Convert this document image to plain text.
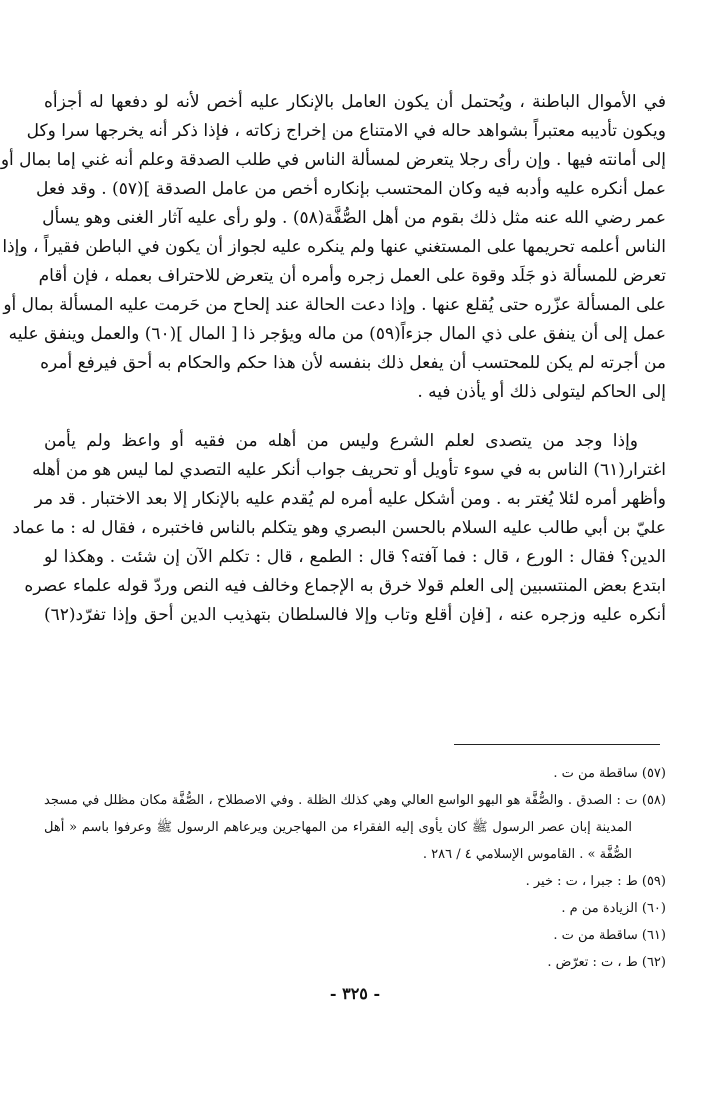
في الأموال الباطنة ، ويُحتمل أن يكون العامل بالإنكار عليه أخص لأنه لو دفعها له أجزأه
ويكون تأديبه معتبراً بشواهد حاله في الامتناع من إخراج زكاته ، فإذا ذكر أنه يخرجها سرا وكل
إلى أمانته فيها . وإن رأى رجلا يتعرض لمسألة الناس في طلب الصدقة وعلم أنه غني إما بمال أو
عمل أنكره عليه وأدبه فيه وكان المحتسب بإنكاره أخص من عامل الصدقة ](٥٧) . وقد فعل
عمر رضي الله عنه مثل ذلك بقوم من أهل الصُّفَّة(٥٨) . ولو رأى عليه آثار الغنى وهو يسأل
الناس أعلمه تحريمها على المستغني عنها ولم ينكره عليه لجواز أن يكون في الباطن فقيراً ، وإذا
تعرض للمسألة ذو جَلَد وقوة على العمل زجره وأمره أن يتعرض للاحتراف بعمله ، فإن أقام
على المسألة عزّره حتى يُقلع عنها . وإذا دعت الحالة عند إلحاح من حَرمت عليه المسألة بمال أو
عمل إلى أن ينفق على ذي المال جزءاً(٥٩) من ماله ويؤجر ذا [ المال ](٦٠) والعمل وينفق عليه
من أجرته لم يكن للمحتسب أن يفعل ذلك بنفسه لأن هذا حكم والحكام به أحق فيرفع أمره
إلى الحاكم ليتولى ذلك أو يأذن فيه .
وإذا وجد من يتصدى لعلم الشرع وليس من أهله من فقيه أو واعظ ولم يأمن
اغترار(٦١) الناس به في سوء تأويل أو تحريف جواب أنكر عليه التصدي لما ليس هو من أهله
وأظهر أمره لئلا يُغتر به . ومن أشكل عليه أمره لم يُقدم عليه بالإنكار إلا بعد الاختبار . قد مر
عليّ بن أبي طالب عليه السلام بالحسن البصري وهو يتكلم بالناس فاختبره ، فقال له : ما عماد
الدين؟ فقال : الورع ، قال : فما آفته؟ قال : الطمع ، قال : تكلم الآن إن شئت . وهكذا لو
ابتدع بعض المنتسبين إلى العلم قولا خرق به الإجماع وخالف فيه النص وردّ قوله علماء عصره
أنكره عليه وزجره عنه ، [فإن أقلع وتاب وإلا فالسلطان بتهذيب الدين أحق وإذا تفرّد(٦٢)
(٥٧) ساقطة من ت .
(٥٨) ت : الصدق . والصُّفَّة هو البهو الواسع العالي وهي كذلك الظلة . وفي الاصطلاح ، الصُّفَّة مكان مظلل في مسجد
المدينة إبان عصر الرسول ﷺ كان يأوى إليه الفقراء من المهاجرين ويرعاهم الرسول ﷺ وعرفوا باسم « أهل
الصُّفَّة » . القاموس الإسلامي ٤ / ٢٨٦ .
(٥٩) ط : جبرا ، ت : خير .
(٦٠) الزيادة من م .
(٦١) ساقطة من ت .
(٦٢) ط ، ت : تعرّض .
- ٣٢٥ -
